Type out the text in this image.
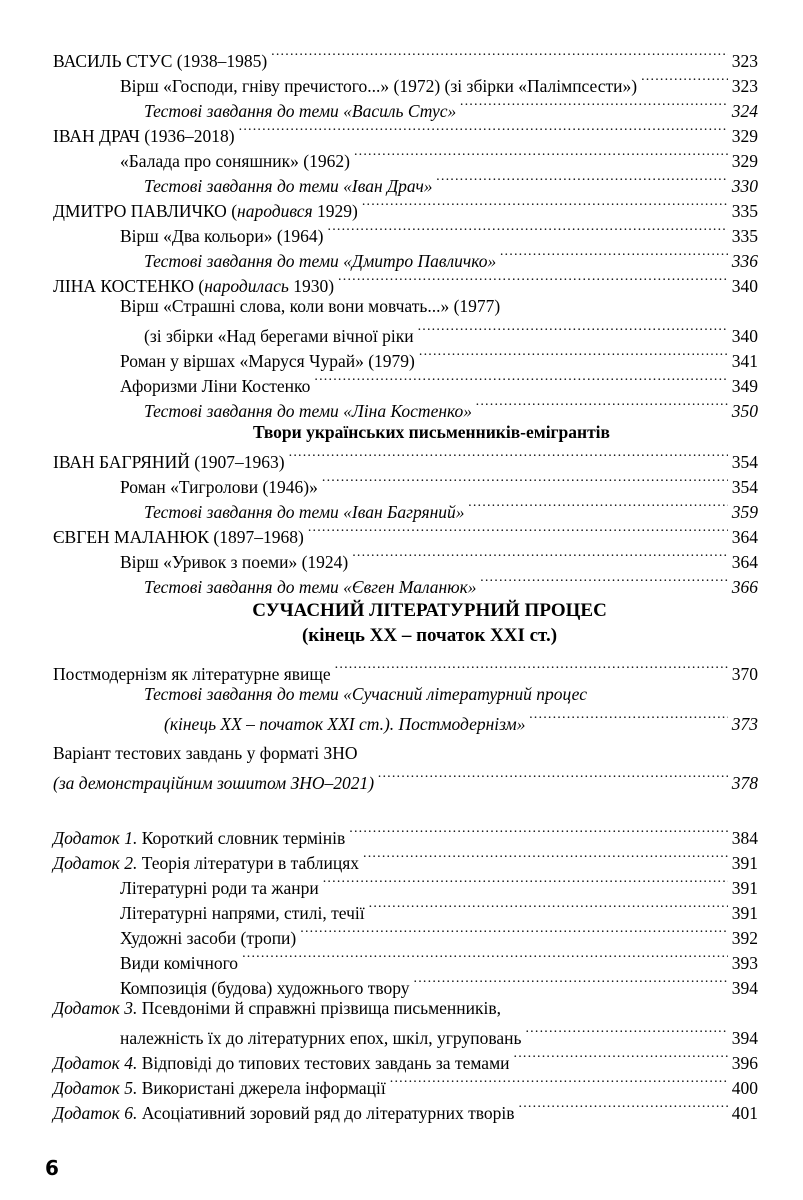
ВАСИЛЬ СТУС (1938–1985) .....	323
Вірш «Господи, гніву пречистого...» (1972) (зі збірки «Палімпсести») .....	323
Тестові завдання до теми «Василь Стус» .....	324
ІВАН ДРАЧ (1936–2018) .....	329
«Балада про соняшник» (1962) .....	329
Тестові завдання до теми «Іван Драч» .....	330
ДМИТРО ПАВЛИЧКО (народився 1929) .....	335
Вірш «Два кольори» (1964) .....	335
Тестові завдання до теми «Дмитро Павличко» .....	336
ЛІНА КОСТЕНКО (народилась 1930) .....	340
Вірш «Страшні слова, коли вони мовчать...» (1977)
(зі збірки «Над берегами вічної ріки .....	340
Роман у віршах «Маруся Чурай» (1979) .....	341
Афоризми Ліни Костенко .....	349
Тестові завдання до теми «Ліна Костенко» .....	350
Твори українських письменників-емігрантів
ІВАН БАГРЯНИЙ (1907–1963) .....	354
Роман «Тигролови (1946)» .....	354
Тестові завдання до теми «Іван Багряний» .....	359
ЄВГЕН МАЛАНЮК (1897–1968) .....	364
Вірш «Уривок з поеми» (1924) .....	364
Тестові завдання до теми «Євген Маланюк» .....	366
СУЧАСНИЙ ЛІТЕРАТУРНИЙ ПРОЦЕС
(кінець XX – початок XXI ст.)
Постмодернізм як літературне явище .....	370
Тестові завдання до теми «Сучасний літературний процес
(кінець XX – початок XXI ст.). Постмодернізм» .....	373
Варіант тестових завдань у форматі ЗНО
(за демонстраційним зошитом ЗНО–2021) .....	378
Додаток 1. Короткий словник термінів .....	384
Додаток 2. Теорія літератури в таблицях .....	391
Літературні роди та жанри .....	391
Літературні напрями, стилі, течії .....	391
Художні засоби (тропи) .....	392
Види комічного .....	393
Композиція (будова) художнього твору .....	394
Додаток 3. Псевдоніми й справжні прізвища письменників,
належність їх до літературних епох, шкіл, угруповань .....	394
Додаток 4. Відповіді до типових тестових завдань за темами .....	396
Додаток 5. Використані джерела інформації .....	400
Додаток 6. Асоціативний зоровий ряд до літературних творів .....	401
6
